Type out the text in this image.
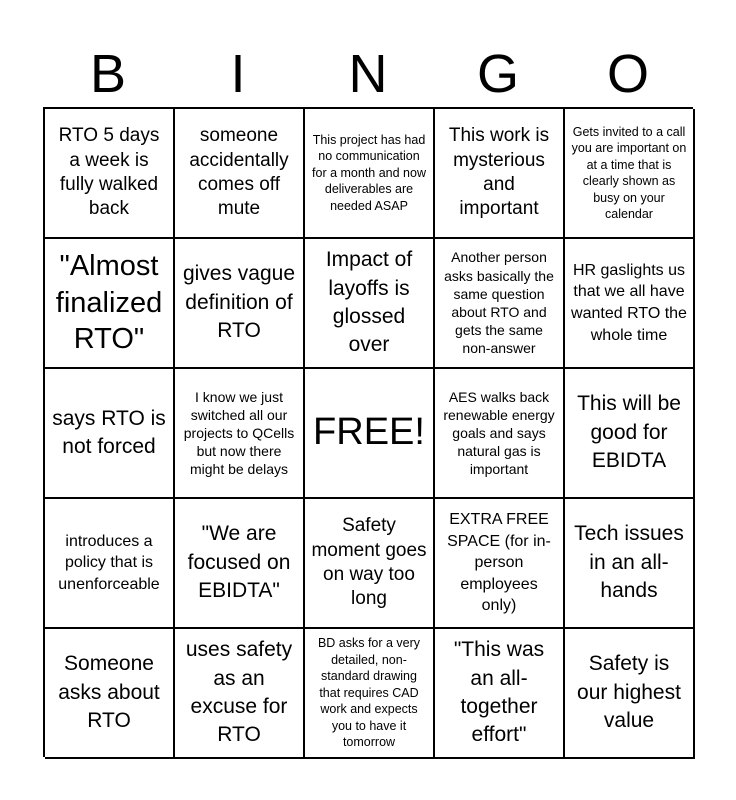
B	I	N	G	O
RTO 5 days a week is fully walked back
someone accidentally comes off mute
This project has had no communication for a month and now deliverables are needed ASAP
This work is mysterious and important
Gets invited to a call you are important on at a time that is clearly shown as busy on your calendar
"Almost finalized RTO"
gives vague definition of RTO
Impact of layoffs is glossed over
Another person asks basically the same question about RTO and gets the same non-answer
HR gaslights us that we all have wanted RTO the whole time
says RTO is not forced
I know we just switched all our projects to QCells but now there might be delays
FREE!
AES walks back renewable energy goals and says natural gas is important
This will be good for EBIDTA
introduces a policy that is unenforceable
"We are focused on EBIDTA"
Safety moment goes on way too long
EXTRA FREE SPACE (for in-person employees only)
Tech issues in an all-hands
Someone asks about RTO
uses safety as an excuse for RTO
BD asks for a very detailed, non-standard drawing that requires CAD work and expects you to have it tomorrow
"This was an all-together effort"
Safety is our highest value
